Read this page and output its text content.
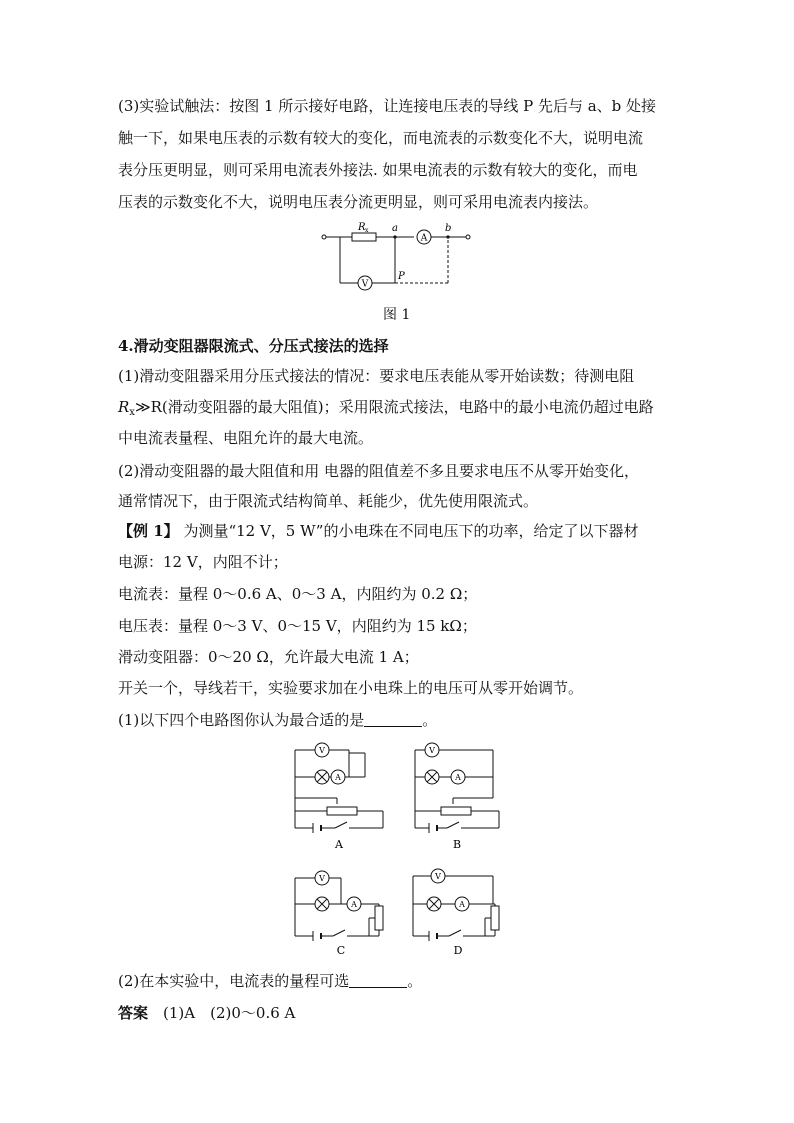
(3)实验试触法：按图 1 所示接好电路，让连接电压表的导线 P 先后与 a、b 处接
触一下，如果电压表的示数有较大的变化，而电流表的示数变化不大，说明电流
表分压更明显，则可采用电流表外接法. 如果电流表的示数有较大的变化，而电
压表的示数变化不大，说明电压表分流更明显，则可采用电流表内接法。
R x a	b
P
A
V
图 1
4.滑动变阻器限流式、分压式接法的选择
(1)滑动变阻器采用分压式接法的情况：要求电压表能从零开始读数；待测电阻
$R_x≫R$(滑动变阻器的最大阻值)；采用限流式接法，电路中的最小电流仍超过电路
中电流表量程、电阻允许的最大电流。
(2)滑动变阻器的最大阻值和用 电器的阻值差不多且要求电压不从零开始变化，
通常情况下，由于限流式结构简单、耗能少，优先使用限流式。
【例 1】 为测量“12 V，5 W”的小电珠在不同电压下的功率，给定了以下器材
电源：12 V，内阻不计；
电流表：量程 0～0.6 A、0～3 A，内阻约为 0.2 Ω；
电压表：量程 0～3 V、0～15 V，内阻约为 15 kΩ；
滑动变阻器：0～20 Ω，允许最大电流 1 A；
开关一个，导线若干，实验要求加在小电珠上的电压可从零开始调节。
(1)以下四个电路图你认为最合适的是	。
V
A
V
A
V
A
V
A
A	B
C	D
(2)在本实验中，电流表的量程可选	。
答案　 (1)A　(2)0～0.6 A
